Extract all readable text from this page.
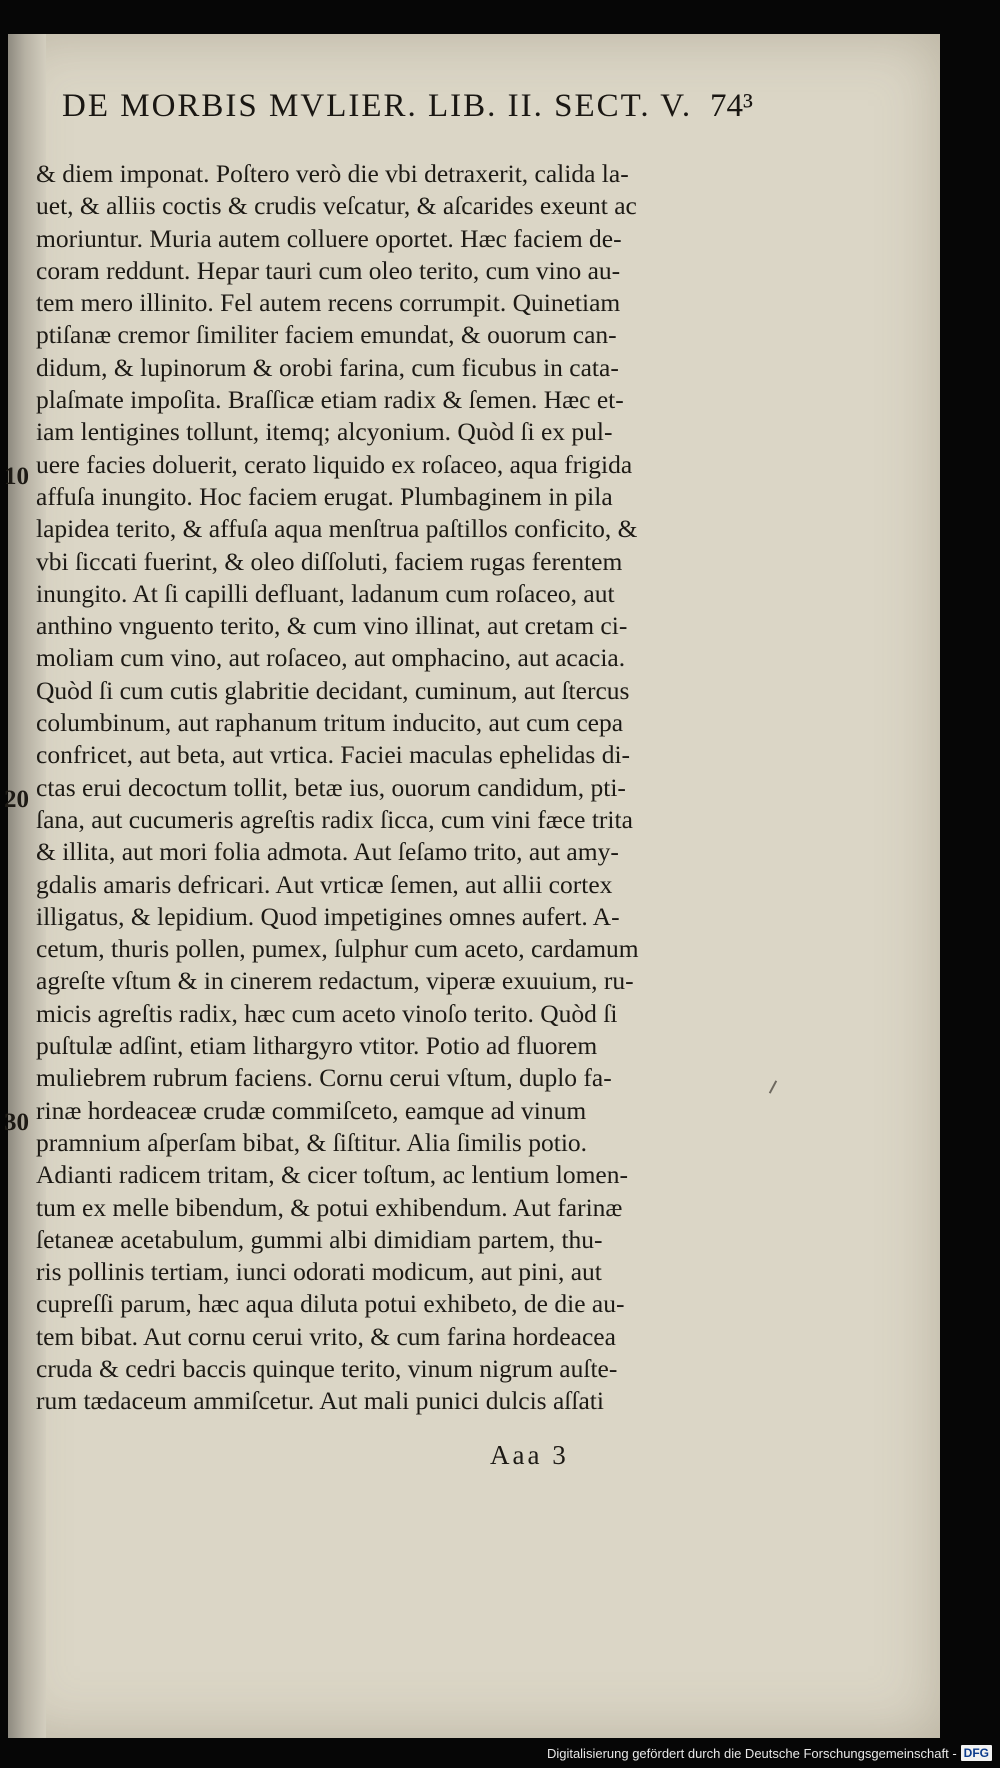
DE MORBIS MVLIER. LIB. II. SECT. V. 74³
& diem imponat. Poſtero verò die vbi detraxerit, calida la-
uet, & alliis coctis & crudis veſcatur, & aſcarides exeunt ac
moriuntur. Muria autem colluere oportet. Hæc faciem de-
coram reddunt. Hepar tauri cum oleo terito, cum vino au-
tem mero illinito. Fel autem recens corrumpit. Quinetiam
ptiſanæ cremor ſimiliter faciem emundat, & ouorum can-
didum, & lupinorum & orobi farina, cum ficubus in cata-
plaſmate impoſita. Braſſicæ etiam radix & ſemen. Hæc et-
iam lentigines tollunt, itemq; alcyonium. Quòd ſi ex pul-
uere facies doluerit, cerato liquido ex roſaceo, aqua frigida
affuſa inungito. Hoc faciem erugat. Plumbaginem in pila
lapidea terito, & affuſa aqua menſtrua paſtillos conficito, &
vbi ſiccati fuerint, & oleo diſſoluti, faciem rugas ferentem
inungito. At ſi capilli defluant, ladanum cum roſaceo, aut
anthino vnguento terito, & cum vino illinat, aut cretam ci-
moliam cum vino, aut roſaceo, aut omphacino, aut acacia.
Quòd ſi cum cutis glabritie decidant, cuminum, aut ſtercus
columbinum, aut raphanum tritum inducito, aut cum cepa
confricet, aut beta, aut vrtica. Faciei maculas ephelidas di-
ctas erui decoctum tollit, betæ ius, ouorum candidum, pti-
ſana, aut cucumeris agreſtis radix ſicca, cum vini fæce trita
& illita, aut mori folia admota. Aut ſeſamo trito, aut amy-
gdalis amaris defricari. Aut vrticæ ſemen, aut allii cortex
illigatus, & lepidium. Quod impetigines omnes aufert. A-
cetum, thuris pollen, pumex, ſulphur cum aceto, cardamum
agreſte vſtum & in cinerem redactum, viperæ exuuium, ru-
micis agreſtis radix, hæc cum aceto vinoſo terito. Quòd ſi
puſtulæ adſint, etiam lithargyro vtitor. Potio ad fluorem
muliebrem rubrum faciens. Cornu cerui vſtum, duplo fa-
rinæ hordeaceæ crudæ commiſceto, eamque ad vinum
pramnium aſperſam bibat, & ſiſtitur. Alia ſimilis potio.
Adianti radicem tritam, & cicer toſtum, ac lentium lomen-
tum ex melle bibendum, & potui exhibendum. Aut farinæ
ſetaneæ acetabulum, gummi albi dimidiam partem, thu-
ris pollinis tertiam, iunci odorati modicum, aut pini, aut
cupreſſi parum, hæc aqua diluta potui exhibeto, de die au-
tem bibat. Aut cornu cerui vrito, & cum farina hordeacea
cruda & cedri baccis quinque terito, vinum nigrum auſte-
rum tædaceum ammiſcetur. Aut mali punici dulcis aſſati
10
20
30
Aaa 3
Digitalisierung gefördert durch die Deutsche Forschungsgemeinschaft - DFG
